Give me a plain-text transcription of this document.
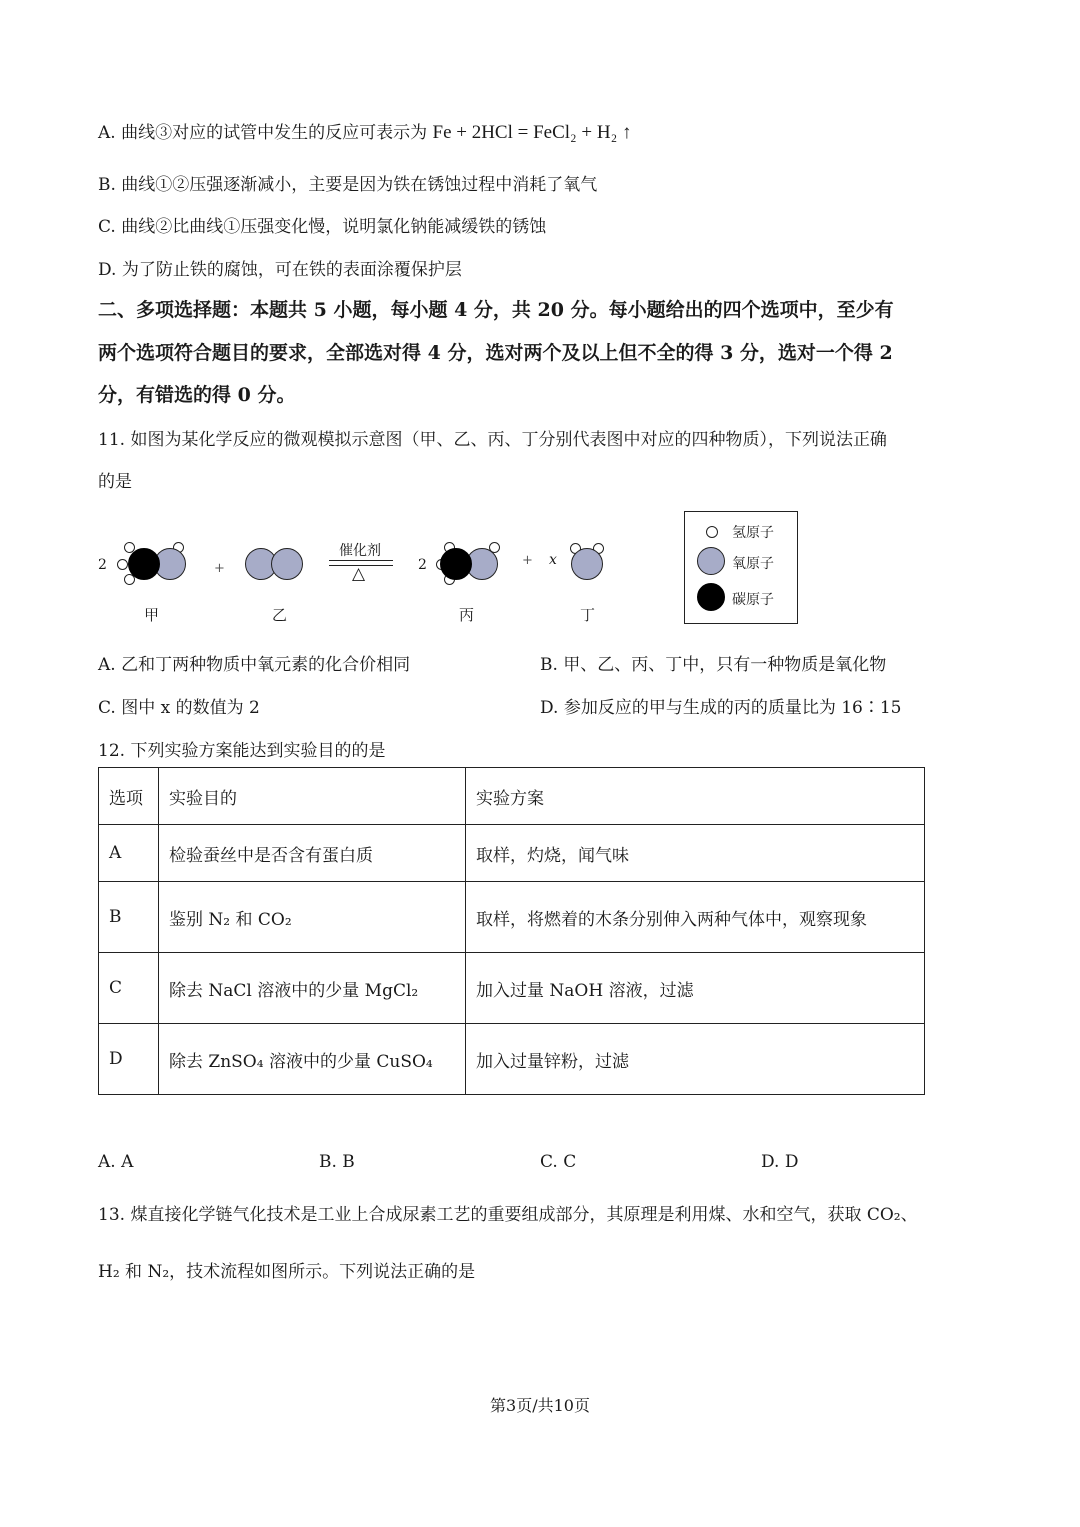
A. 曲线③对应的试管中发生的反应可表示为 Fe + 2HCl = FeCl₂ + H₂ ↑
B. 曲线①②压强逐渐减小，主要是因为铁在锈蚀过程中消耗了氧气
C. 曲线②比曲线①压强变化慢，说明氯化钠能减缓铁的锈蚀
D. 为了防止铁的腐蚀，可在铁的表面涂覆保护层
二、多项选择题：本题共 5 小题，每小题 4 分，共 20 分。每小题给出的四个选项中，至少有
两个选项符合题目的要求，全部选对得 4 分，选对两个及以上但不全的得 3 分，选对一个得 2
分，有错选的得 0 分。
11. 如图为某化学反应的微观模拟示意图（甲、乙、丙、丁分别代表图中对应的四种物质），下列说法正确
的是
2
甲
+
乙
催化剂
△	2
丙
+ x
丁
氢原子
氧原子
碳原子
A. 乙和丁两种物质中氧元素的化合价相同	B. 甲、乙、丙、丁中，只有一种物质是氧化物
C. 图中 x 的数值为 2	D. 参加反应的甲与生成的丙的质量比为 16∶15
12. 下列实验方案能达到实验目的的是
选项	实验目的	实验方案
A	检验蚕丝中是否含有蛋白质	取样，灼烧，闻气味
B	鉴别 N₂ 和 CO₂	取样，将燃着的木条分别伸入两种气体中，观察现象
C	除去 NaCl 溶液中的少量 MgCl₂	加入过量 NaOH 溶液，过滤
D	除去 ZnSO₄ 溶液中的少量 CuSO₄	加入过量锌粉，过滤
A. A	B. B	C. C	D. D
13. 煤直接化学链气化技术是工业上合成尿素工艺的重要组成部分，其原理是利用煤、水和空气，获取 CO₂、
H₂ 和 N₂，技术流程如图所示。下列说法正确的是
第3页/共10页
